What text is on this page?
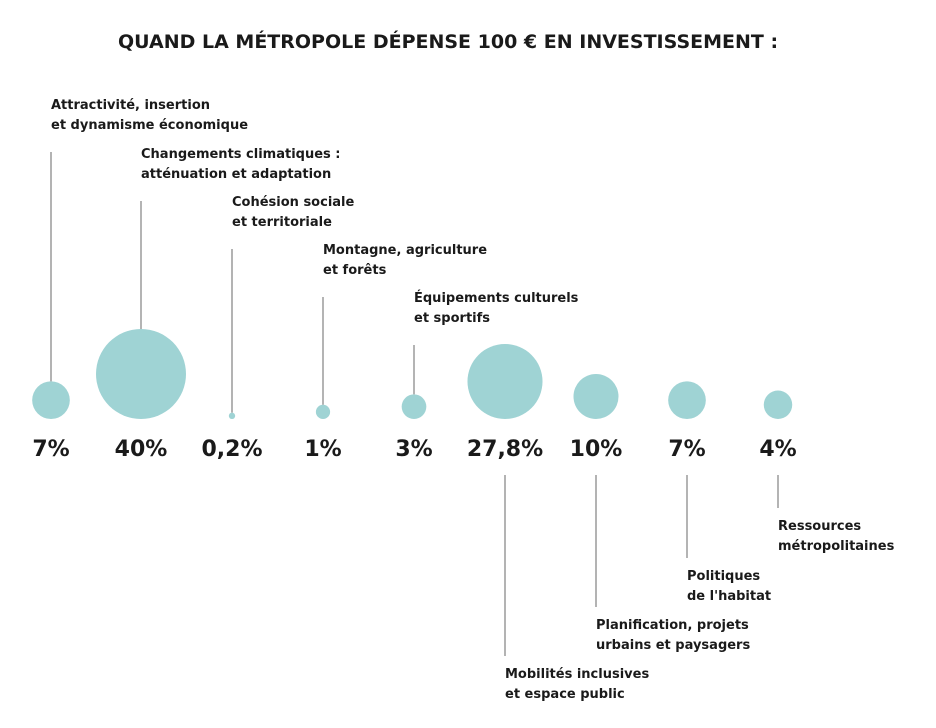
QUAND LA MÉTROPOLE DÉPENSE 100 € EN INVESTISSEMENT :
7%
Attractivité, insertion et dynamisme économique
40%
Changements climatiques : atténuation et adaptation
0,2%
Cohésion sociale et territoriale
1%
Montagne, agriculture et forêts
3%
Équipements culturels et sportifs
27,8%
Mobilités inclusives et espace public
10%
Planification, projets urbains et paysagers
7%
Politiques de l'habitat
4%
Ressources métropolitaines
